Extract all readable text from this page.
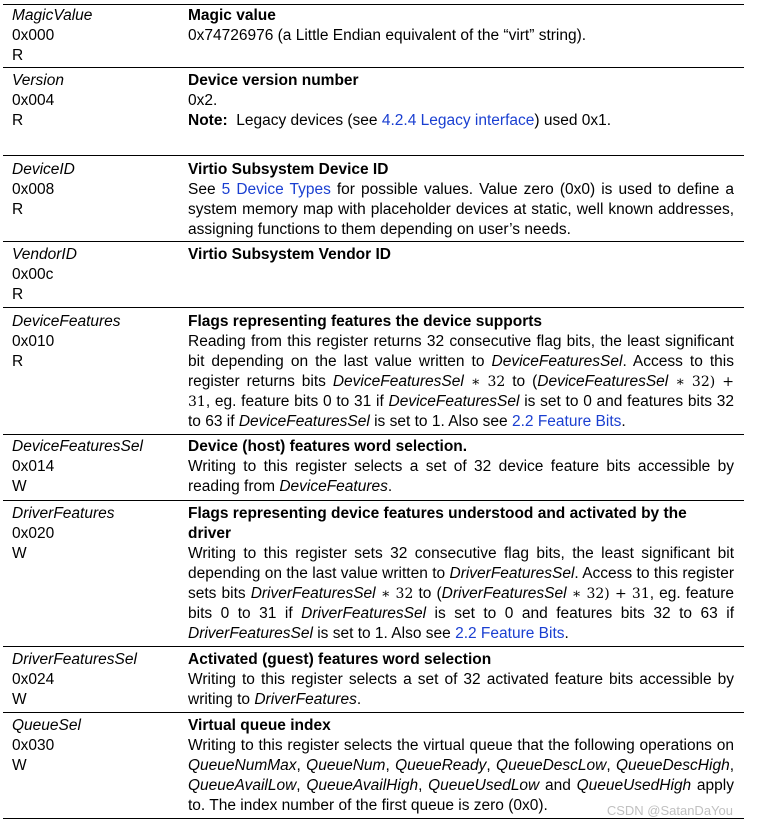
MagicValue
0x000
R
Magic value
0x74726976 (a Little Endian equivalent of the “virt” string).
Version
0x004
R
Device version number
0x2.
Note:  Legacy devices (see 4.2.4 Legacy interface) used 0x1.
DeviceID
0x008
R
Virtio Subsystem Device ID
See 5 Device Types for possible values. Value zero (0x0) is used to define a system memory map with placeholder devices at static, well known addresses, assigning functions to them depending on user’s needs.
VendorID
0x00c
R
Virtio Subsystem Vendor ID
DeviceFeatures
0x010
R
Flags representing features the device supports
Reading from this register returns 32 consecutive flag bits, the least significant bit depending on the last value written to DeviceFeaturesSel. Access to this register returns bits DeviceFeaturesSel ∗ 32 to (DeviceFeaturesSel ∗ 32) + 31, eg. feature bits 0 to 31 if DeviceFeaturesSel is set to 0 and features bits 32 to 63 if DeviceFeaturesSel is set to 1. Also see 2.2 Feature Bits.
DeviceFeaturesSel
0x014
W
Device (host) features word selection.
Writing to this register selects a set of 32 device feature bits accessible by reading from DeviceFeatures.
DriverFeatures
0x020
W
Flags representing device features understood and activated by the driver
Writing to this register sets 32 consecutive flag bits, the least significant bit depending on the last value written to DriverFeaturesSel. Access to this register sets bits DriverFeaturesSel ∗ 32 to (DriverFeaturesSel ∗ 32) + 31, eg. feature bits 0 to 31 if DriverFeaturesSel is set to 0 and features bits 32 to 63 if DriverFeaturesSel is set to 1. Also see 2.2 Feature Bits.
DriverFeaturesSel
0x024
W
Activated (guest) features word selection
Writing to this register selects a set of 32 activated feature bits accessible by writing to DriverFeatures.
QueueSel
0x030
W
Virtual queue index
Writing to this register selects the virtual queue that the following operations on QueueNumMax, QueueNum, QueueReady, QueueDescLow, QueueDescHigh, QueueAvailLow, QueueAvailHigh, QueueUsedLow and QueueUsedHigh apply to. The index number of the first queue is zero (0x0).	CSDN @SatanDaYou
